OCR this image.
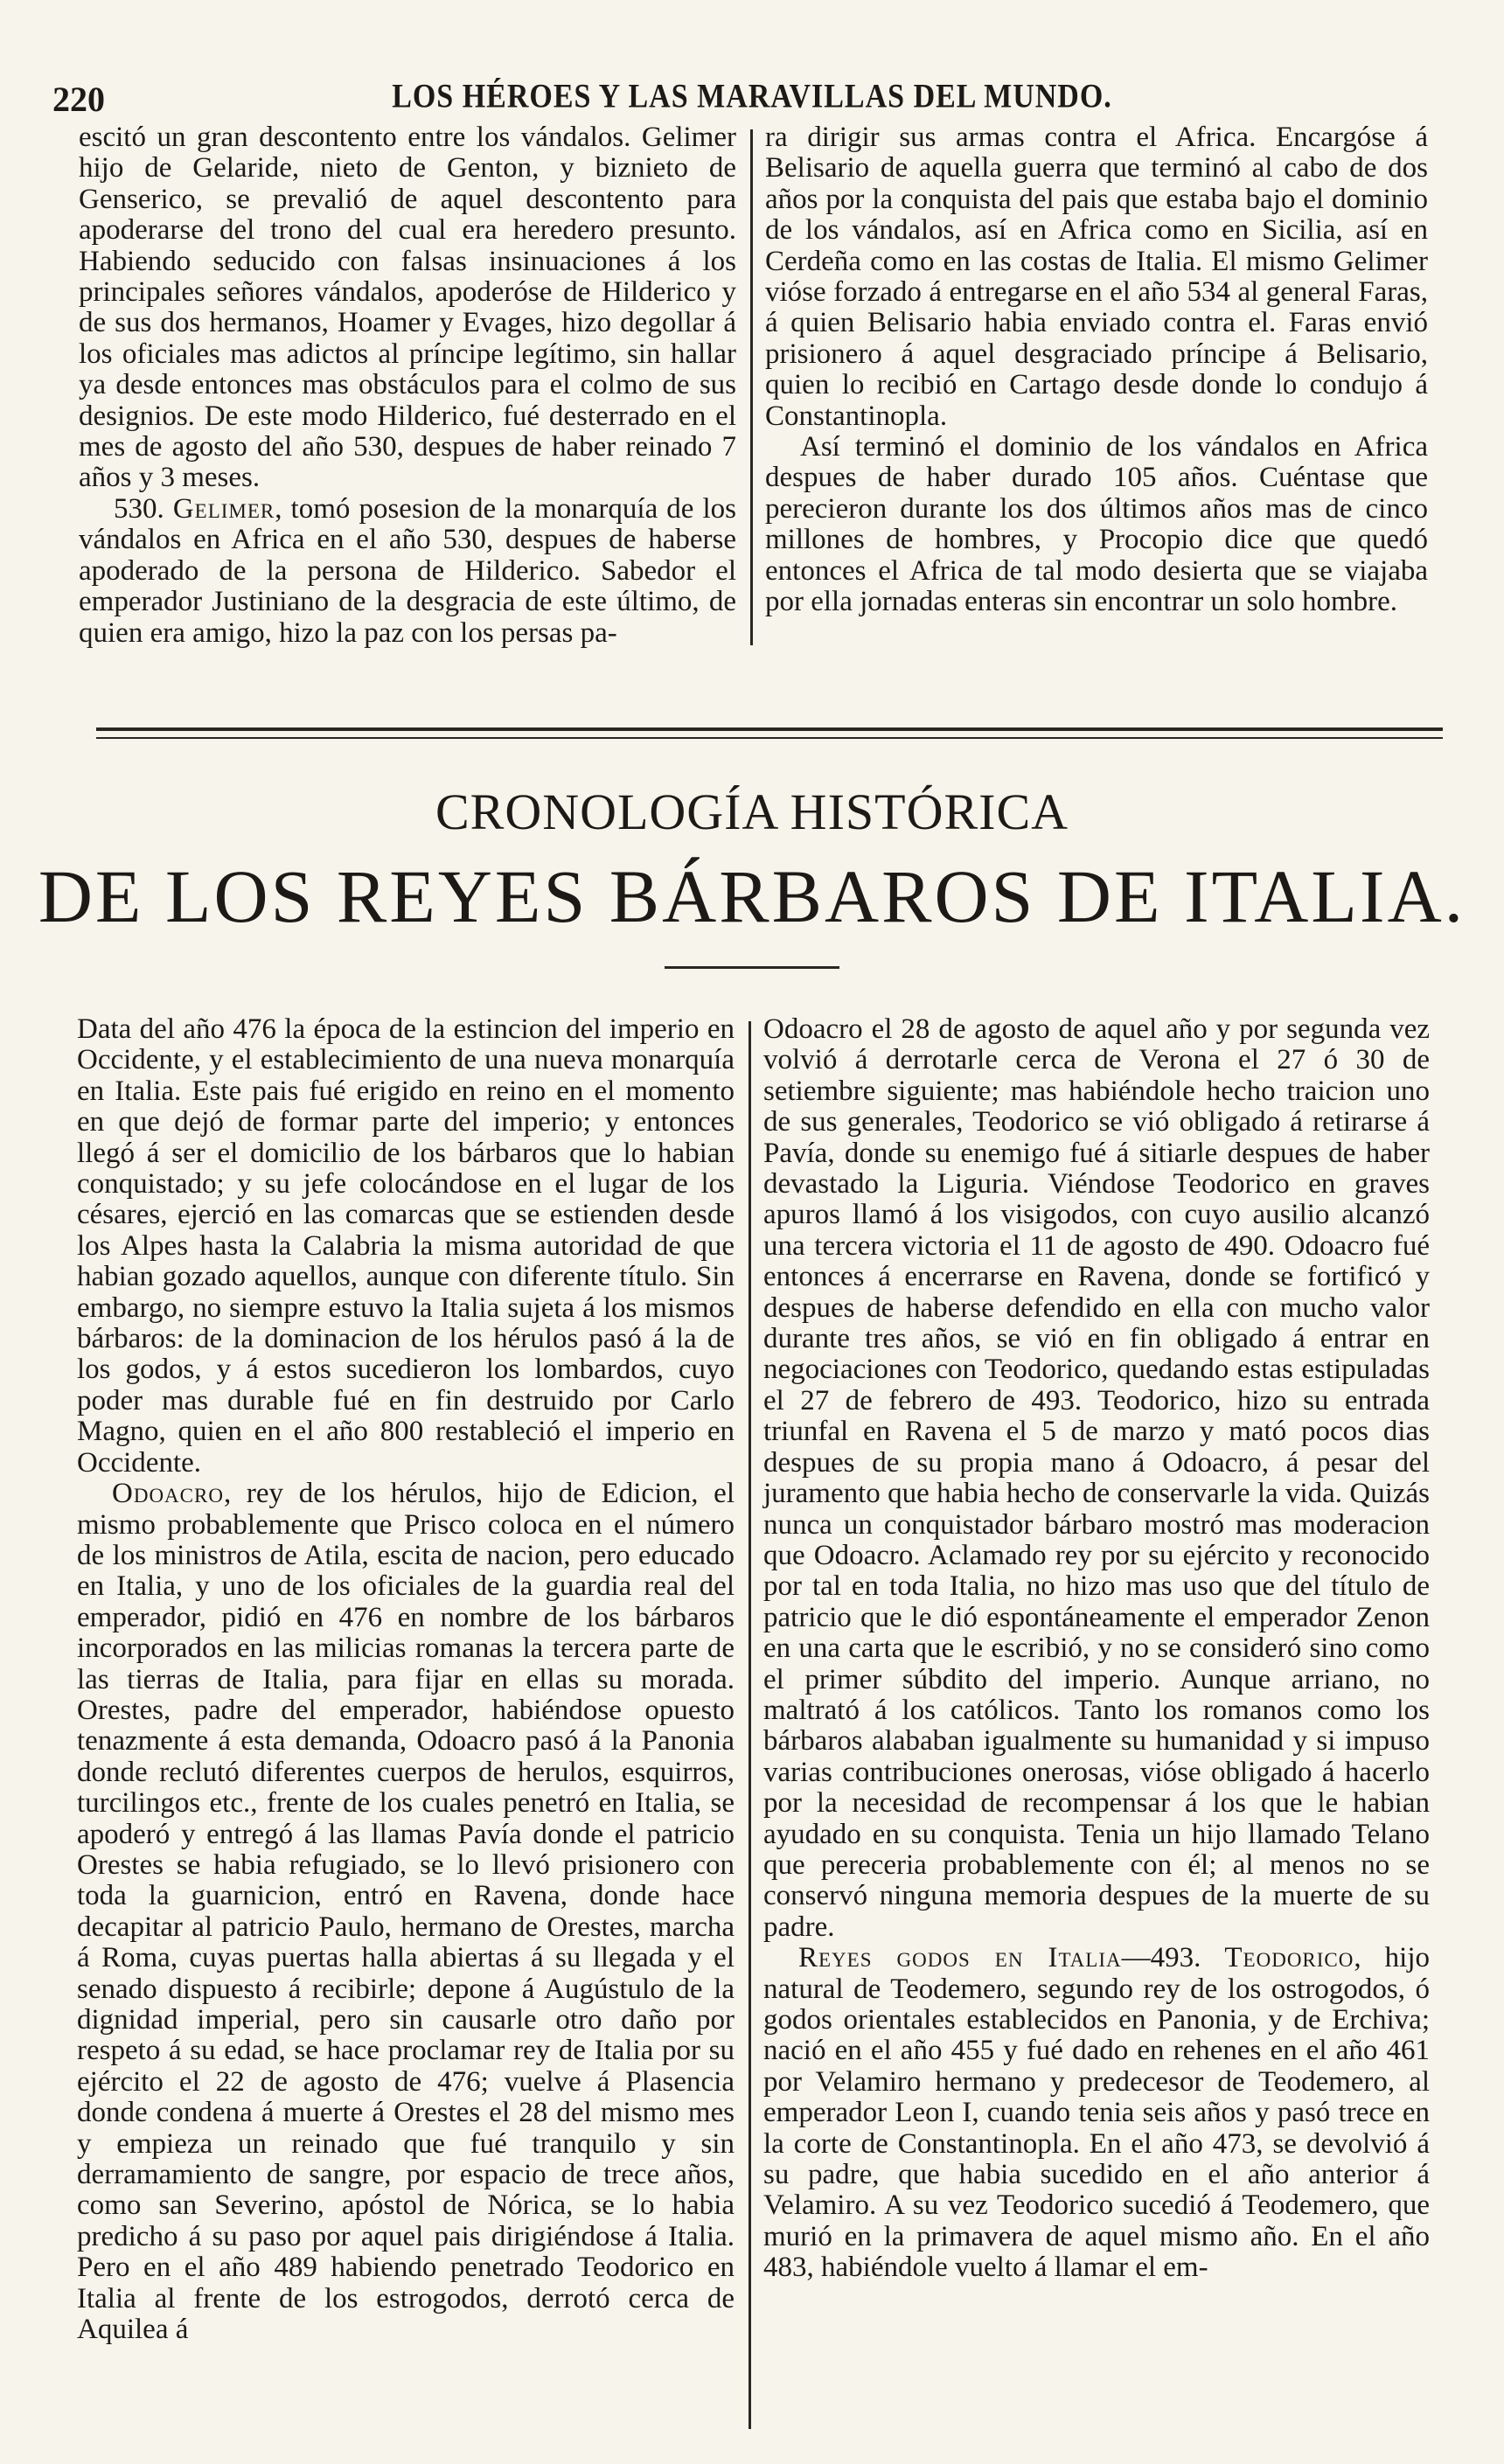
220	LOS HÉROES Y LAS MARAVILLAS DEL MUNDO.

escitó un gran descontento entre los vándalos. Gelimer hijo de Gelaride, nieto de Genton, y biznieto de Genserico, se prevalió de aquel descontento para apoderarse del trono del cual era heredero presunto. Habiendo seducido con falsas insinuaciones á los principales señores vándalos, apoderóse de Hilderico y de sus dos hermanos, Hoamer y Evages, hizo degollar á los oficiales mas adictos al príncipe legítimo, sin hallar ya desde entonces mas obstáculos para el colmo de sus designios. De este modo Hilderico, fué desterrado en el mes de agosto del año 530, despues de haber reinado 7 años y 3 meses.

530. Gelimer, tomó posesion de la monarquía de los vándalos en Africa en el año 530, despues de haberse apoderado de la persona de Hilderico. Sabedor el emperador Justiniano de la desgracia de este último, de quien era amigo, hizo la paz con los persas pa-

ra dirigir sus armas contra el Africa. Encargóse á Belisario de aquella guerra que terminó al cabo de dos años por la conquista del pais que estaba bajo el dominio de los vándalos, así en Africa como en Sicilia, así en Cerdeña como en las costas de Italia. El mismo Gelimer vióse forzado á entregarse en el año 534 al general Faras, á quien Belisario habia enviado contra el. Faras envió prisionero á aquel desgraciado príncipe á Belisario, quien lo recibió en Cartago desde donde lo condujo á Constantinopla.

Así terminó el dominio de los vándalos en Africa despues de haber durado 105 años. Cuéntase que perecieron durante los dos últimos años mas de cinco millones de hombres, y Procopio dice que quedó entonces el Africa de tal modo desierta que se viajaba por ella jornadas enteras sin encontrar un solo hombre.

CRONOLOGÍA HISTÓRICA
DE LOS REYES BÁRBAROS DE ITALIA.

Data del año 476 la época de la estincion del imperio en Occidente, y el establecimiento de una nueva monarquía en Italia. Este pais fué erigido en reino en el momento en que dejó de formar parte del imperio; y entonces llegó á ser el domicilio de los bárbaros que lo habian conquistado; y su jefe colocándose en el lugar de los césares, ejerció en las comarcas que se estienden desde los Alpes hasta la Calabria la misma autoridad de que habian gozado aquellos, aunque con diferente título. Sin embargo, no siempre estuvo la Italia sujeta á los mismos bárbaros: de la dominacion de los hérulos pasó á la de los godos, y á estos sucedieron los lombardos, cuyo poder mas durable fué en fin destruido por Carlo Magno, quien en el año 800 restableció el imperio en Occidente.

Odoacro, rey de los hérulos, hijo de Edicion, el mismo probablemente que Prisco coloca en el número de los ministros de Atila, escita de nacion, pero educado en Italia, y uno de los oficiales de la guardia real del emperador, pidió en 476 en nombre de los bárbaros incorporados en las milicias romanas la tercera parte de las tierras de Italia, para fijar en ellas su morada. Orestes, padre del emperador, habiéndose opuesto tenazmente á esta demanda, Odoacro pasó á la Panonia donde reclutó diferentes cuerpos de herulos, esquirros, turcilingos etc., frente de los cuales penetró en Italia, se apoderó y entregó á las llamas Pavía donde el patricio Orestes se habia refugiado, se lo llevó prisionero con toda la guarnicion, entró en Ravena, donde hace decapitar al patricio Paulo, hermano de Orestes, marcha á Roma, cuyas puertas halla abiertas á su llegada y el senado dispuesto á recibirle; depone á Augústulo de la dignidad imperial, pero sin causarle otro daño por respeto á su edad, se hace proclamar rey de Italia por su ejército el 22 de agosto de 476; vuelve á Plasencia donde condena á muerte á Orestes el 28 del mismo mes y empieza un reinado que fué tranquilo y sin derramamiento de sangre, por espacio de trece años, como san Severino, apóstol de Nórica, se lo habia predicho á su paso por aquel pais dirigiéndose á Italia. Pero en el año 489 habiendo penetrado Teodorico en Italia al frente de los estrogodos, derrotó cerca de Aquilea á

Odoacro el 28 de agosto de aquel año y por segunda vez volvió á derrotarle cerca de Verona el 27 ó 30 de setiembre siguiente; mas habiéndole hecho traicion uno de sus generales, Teodorico se vió obligado á retirarse á Pavía, donde su enemigo fué á sitiarle despues de haber devastado la Liguria. Viéndose Teodorico en graves apuros llamó á los visigodos, con cuyo ausilio alcanzó una tercera victoria el 11 de agosto de 490. Odoacro fué entonces á encerrarse en Ravena, donde se fortificó y despues de haberse defendido en ella con mucho valor durante tres años, se vió en fin obligado á entrar en negociaciones con Teodorico, quedando estas estipuladas el 27 de febrero de 493. Teodorico, hizo su entrada triunfal en Ravena el 5 de marzo y mató pocos dias despues de su propia mano á Odoacro, á pesar del juramento que habia hecho de conservarle la vida. Quizás nunca un conquistador bárbaro mostró mas moderacion que Odoacro. Aclamado rey por su ejército y reconocido por tal en toda Italia, no hizo mas uso que del título de patricio que le dió espontáneamente el emperador Zenon en una carta que le escribió, y no se consideró sino como el primer súbdito del imperio. Aunque arriano, no maltrató á los católicos. Tanto los romanos como los bárbaros alababan igualmente su humanidad y si impuso varias contribuciones onerosas, vióse obligado á hacerlo por la necesidad de recompensar á los que le habian ayudado en su conquista. Tenia un hijo llamado Telano que pereceria probablemente con él; al menos no se conservó ninguna memoria despues de la muerte de su padre.

Reyes godos en Italia—493. Teodorico, hijo natural de Teodemero, segundo rey de los ostrogodos, ó godos orientales establecidos en Panonia, y de Erchiva; nació en el año 455 y fué dado en rehenes en el año 461 por Velamiro hermano y predecesor de Teodemero, al emperador Leon I, cuando tenia seis años y pasó trece en la corte de Constantinopla. En el año 473, se devolvió á su padre, que habia sucedido en el año anterior á Velamiro. A su vez Teodorico sucedió á Teodemero, que murió en la primavera de aquel mismo año. En el año 483, habiéndole vuelto á llamar el em-
